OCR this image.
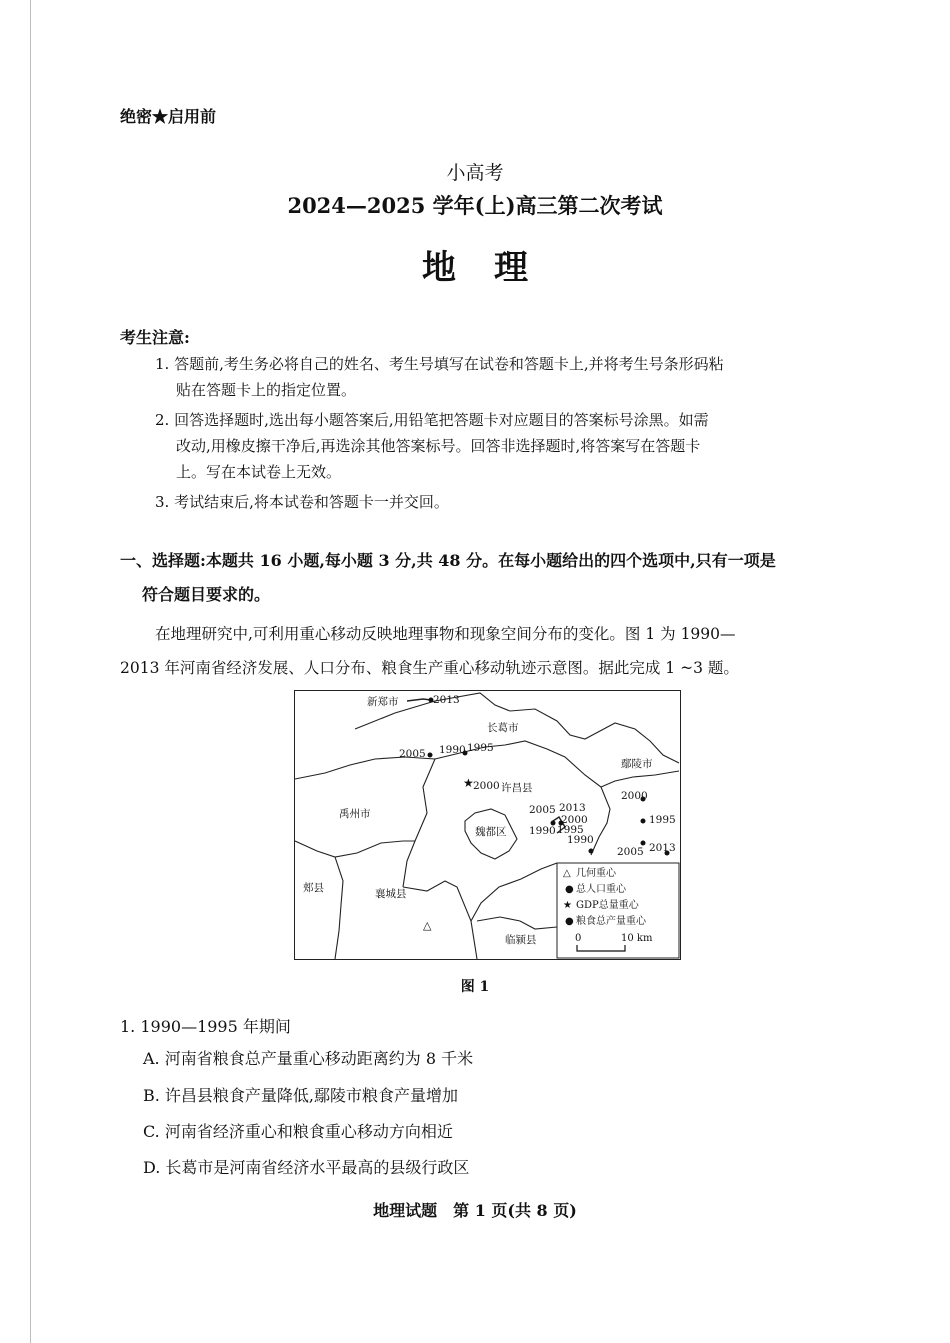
绝密★启用前
小高考
2024—2025 学年(上)高三第二次考试
地理
考生注意:
1. 答题前,考生务必将自己的姓名、考生号填写在试卷和答题卡上,并将考生号条形码粘
贴在答题卡上的指定位置。
2. 回答选择题时,选出每小题答案后,用铅笔把答题卡对应题目的答案标号涂黑。如需
改动,用橡皮擦干净后,再选涂其他答案标号。回答非选择题时,将答案写在答题卡
上。写在本试卷上无效。
3. 考试结束后,将本试卷和答题卡一并交回。
一、选择题:本题共 16 小题,每小题 3 分,共 48 分。在每小题给出的四个选项中,只有一项是
符合题目要求的。
在地理研究中,可利用重心移动反映地理事物和现象空间分布的变化。图 1 为 1990—
2013 年河南省经济发展、人口分布、粮食生产重心移动轨迹示意图。据此完成 1 ~3 题。
★
△
新郑市
长葛市
鄢陵市
禹州市
许昌县
魏都区
郏县	襄城县
临颍县
2013
2005 1990 1995
2000
2005 2013
2000
1990 1995
1990
2000
1995
2005 2013
△ 几何重心
● 总人口重心
★ GDP总量重心
● 粮食总产量重心
0	10 km
图 1
1. 1990—1995 年期间
A. 河南省粮食总产量重心移动距离约为 8 千米
B. 许昌县粮食产量降低,鄢陵市粮食产量增加
C. 河南省经济重心和粮食重心移动方向相近
D. 长葛市是河南省经济水平最高的县级行政区
地理试题　第 1 页(共 8 页)
